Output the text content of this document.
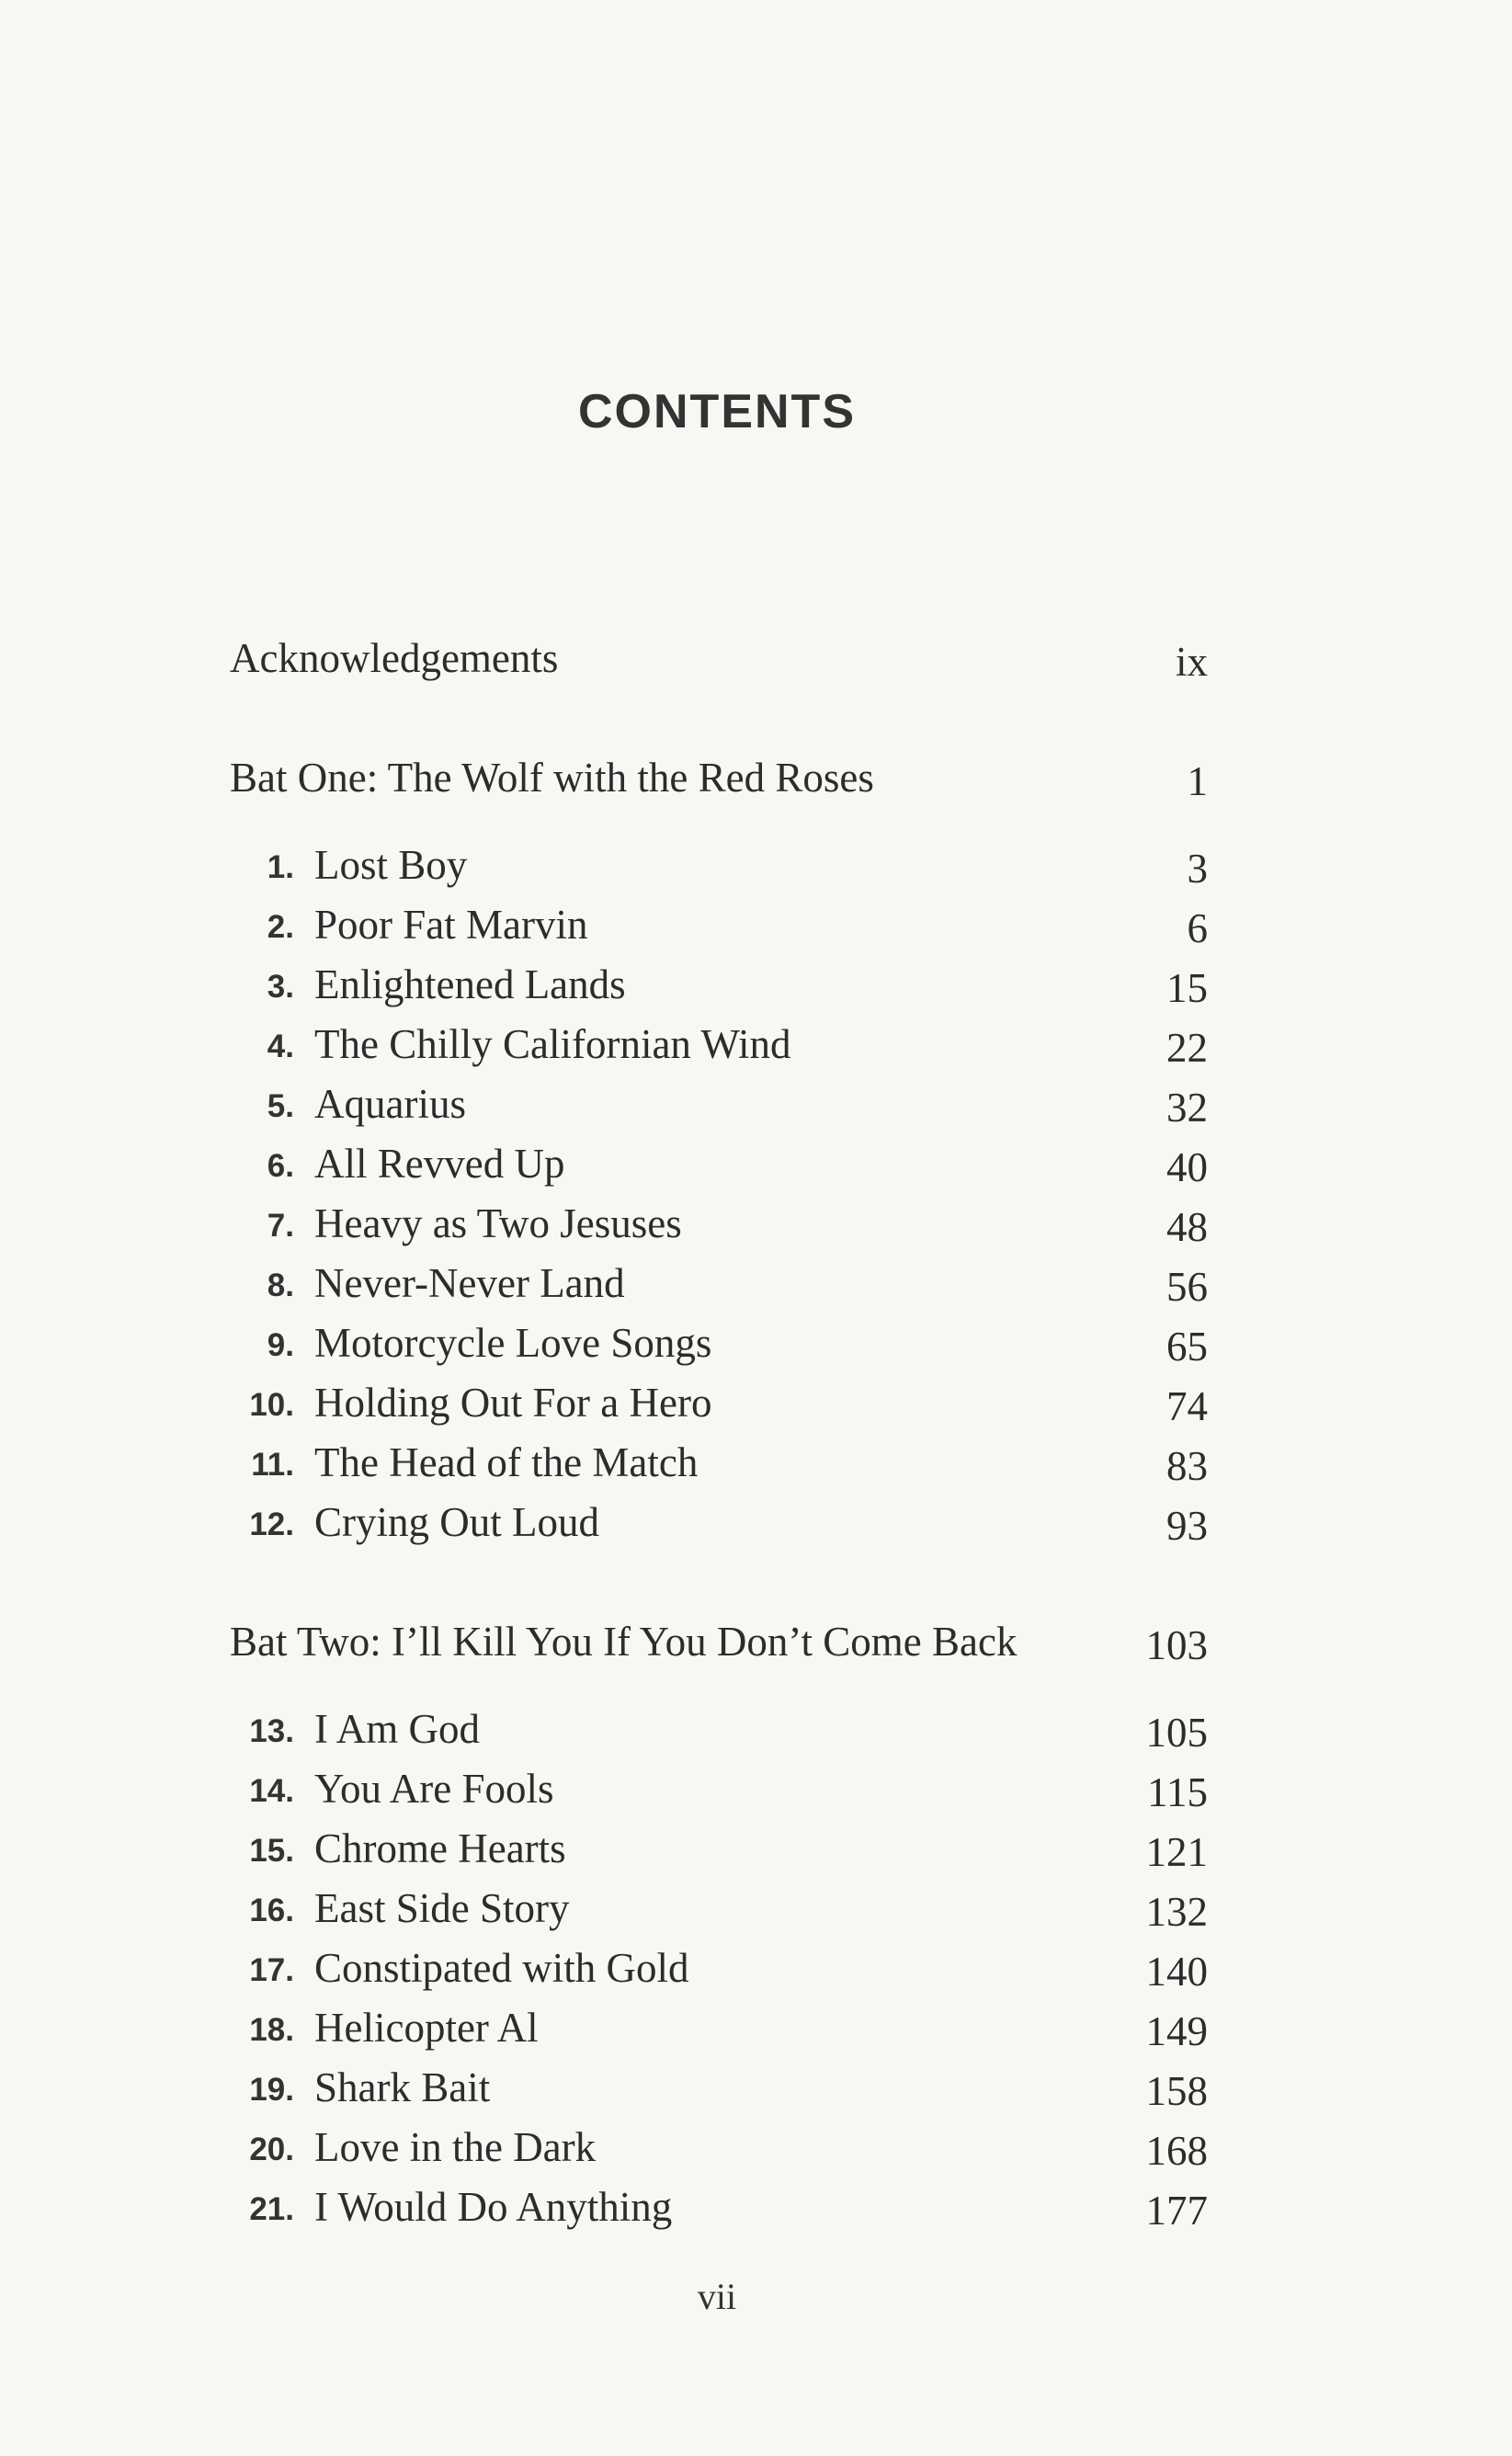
CONTENTS
Acknowledgements	ix
Bat One: The Wolf with the Red Roses	1
1. Lost Boy	3
2. Poor Fat Marvin	6
3. Enlightened Lands	15
4. The Chilly Californian Wind	22
5. Aquarius	32
6. All Revved Up	40
7. Heavy as Two Jesuses	48
8. Never-Never Land	56
9. Motorcycle Love Songs	65
10. Holding Out For a Hero	74
11. The Head of the Match	83
12. Crying Out Loud	93
Bat Two: I’ll Kill You If You Don’t Come Back	103
13. I Am God	105
14. You Are Fools	115
15. Chrome Hearts	121
16. East Side Story	132
17. Constipated with Gold	140
18. Helicopter Al	149
19. Shark Bait	158
20. Love in the Dark	168
21. I Would Do Anything	177
vii
